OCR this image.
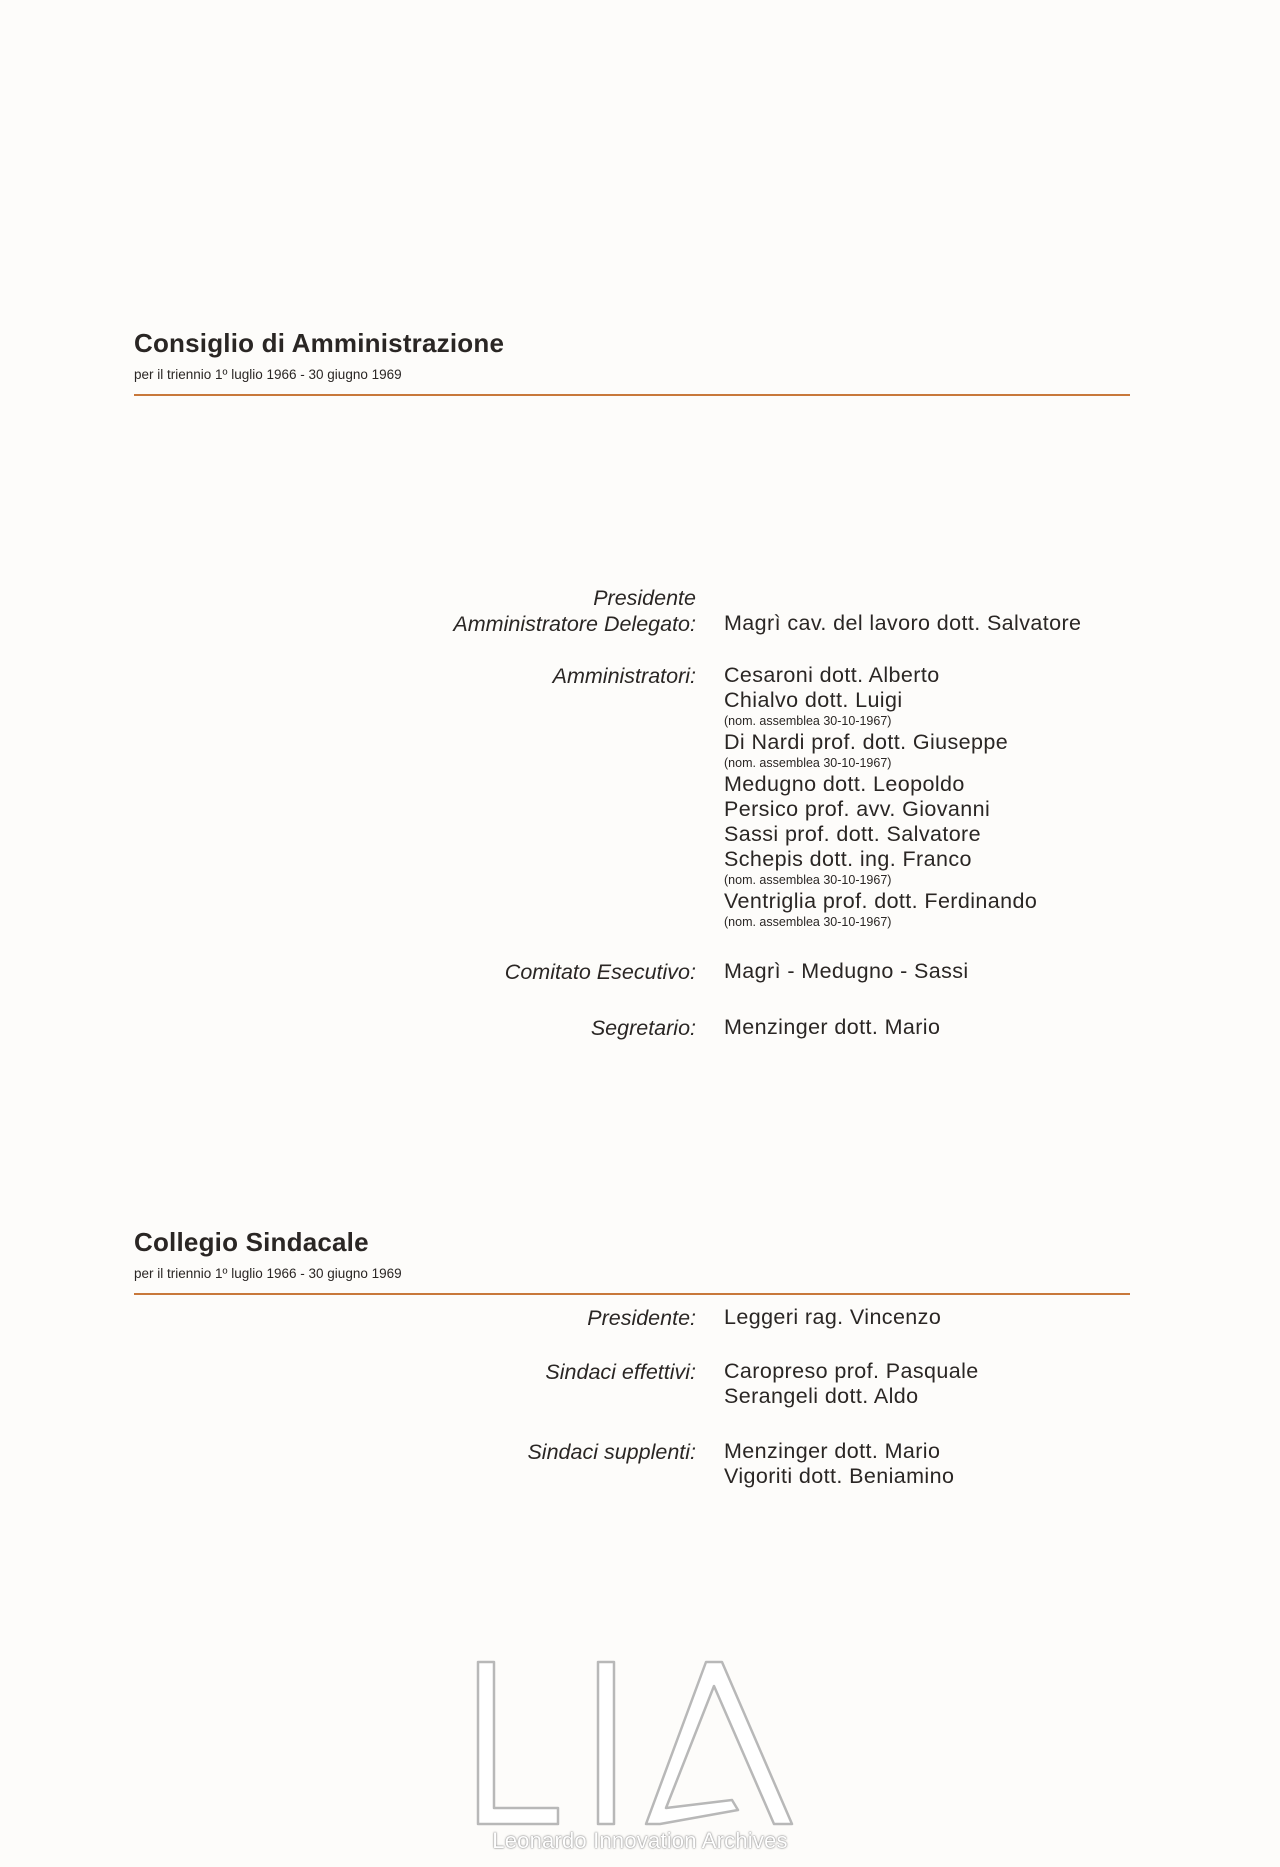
Consiglio di Amministrazione
per il triennio 1º luglio 1966 - 30 giugno 1969
Presidente
Amministratore Delegato: Magrì cav. del lavoro dott. Salvatore
Amministratori: Cesaroni dott. Alberto
Chialvo dott. Luigi
(nom. assemblea 30-10-1967)
Di Nardi prof. dott. Giuseppe
(nom. assemblea 30-10-1967)
Medugno dott. Leopoldo
Persico prof. avv. Giovanni
Sassi prof. dott. Salvatore
Schepis dott. ing. Franco
(nom. assemblea 30-10-1967)
Ventriglia prof. dott. Ferdinando
(nom. assemblea 30-10-1967)
Comitato Esecutivo: Magrì - Medugno - Sassi
Segretario: Menzinger dott. Mario
Collegio Sindacale
per il triennio 1º luglio 1966 - 30 giugno 1969
Presidente: Leggeri rag. Vincenzo
Sindaci effettivi: Caropreso prof. Pasquale
Serangeli dott. Aldo
Sindaci supplenti: Menzinger dott. Mario
Vigoriti dott. Beniamino
Leonardo Innovation Archives
